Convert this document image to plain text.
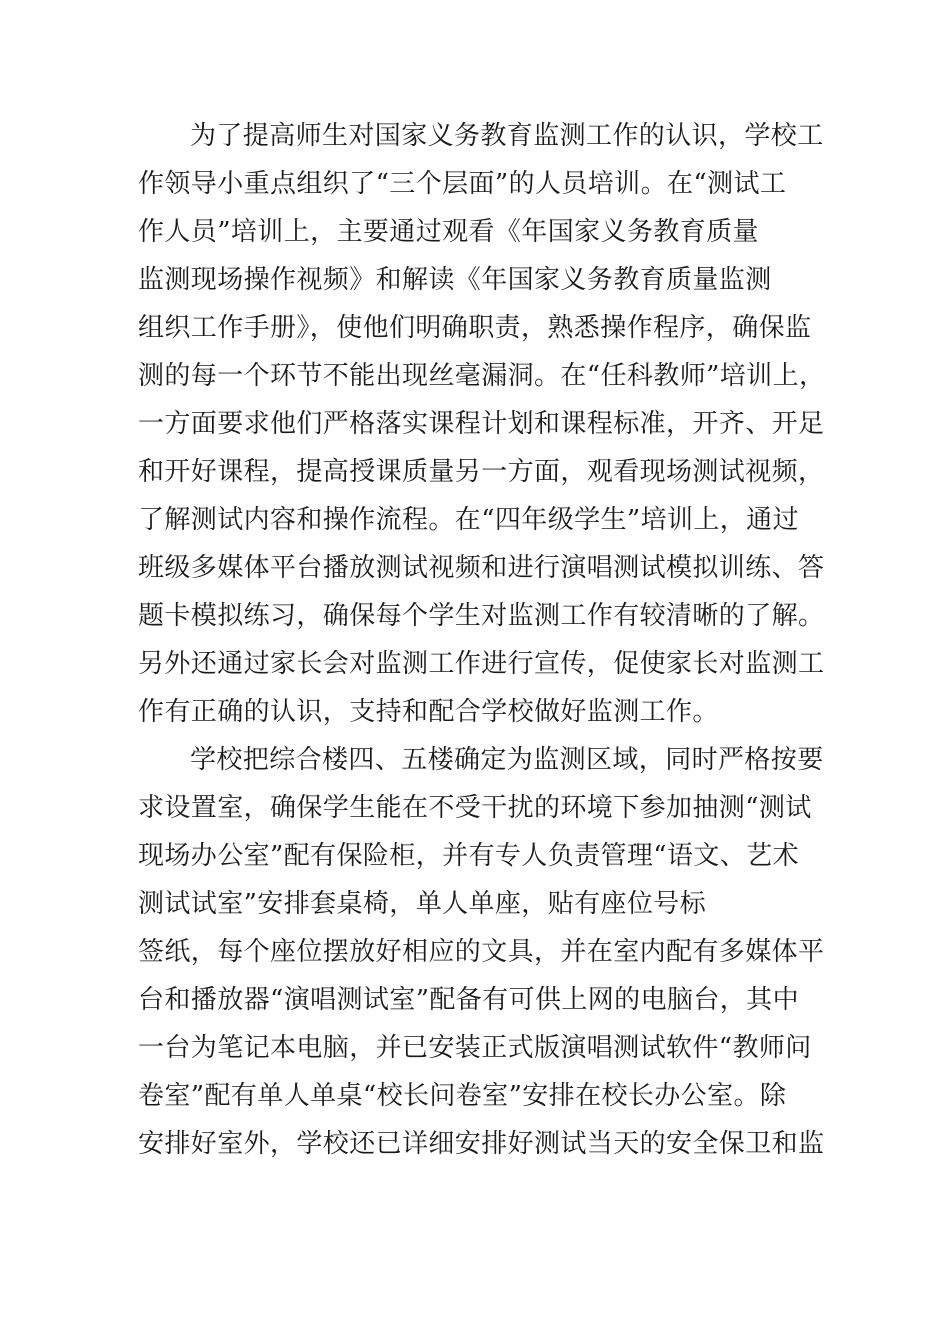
为了提高师生对国家义务教育监测工作的认识，学校工
作领导小重点组织了“三个层面”的人员培训。在“测试工
作人员”培训上，主要通过观看《年国家义务教育质量
监测现场操作视频》和解读《年国家义务教育质量监测
组织工作手册》，使他们明确职责，熟悉操作程序，确保监
测的每一个环节不能出现丝毫漏洞。在“任科教师”培训上，
一方面要求他们严格落实课程计划和课程标准，开齐、开足
和开好课程，提高授课质量另一方面，观看现场测试视频，
了解测试内容和操作流程。在“四年级学生”培训上，通过
班级多媒体平台播放测试视频和进行演唱测试模拟训练、答
题卡模拟练习，确保每个学生对监测工作有较清晰的了解。
另外还通过家长会对监测工作进行宣传，促使家长对监测工
作有正确的认识，支持和配合学校做好监测工作。
学校把综合楼四、五楼确定为监测区域，同时严格按要
求设置室，确保学生能在不受干扰的环境下参加抽测“测试
现场办公室”配有保险柜，并有专人负责管理“语文、艺术
测试试室”安排套桌椅，单人单座，贴有座位号标
签纸，每个座位摆放好相应的文具，并在室内配有多媒体平
台和播放器“演唱测试室”配备有可供上网的电脑台，其中
一台为笔记本电脑，并已安装正式版演唱测试软件“教师问
卷室”配有单人单桌“校长问卷室”安排在校长办公室。除
安排好室外，学校还已详细安排好测试当天的安全保卫和监
